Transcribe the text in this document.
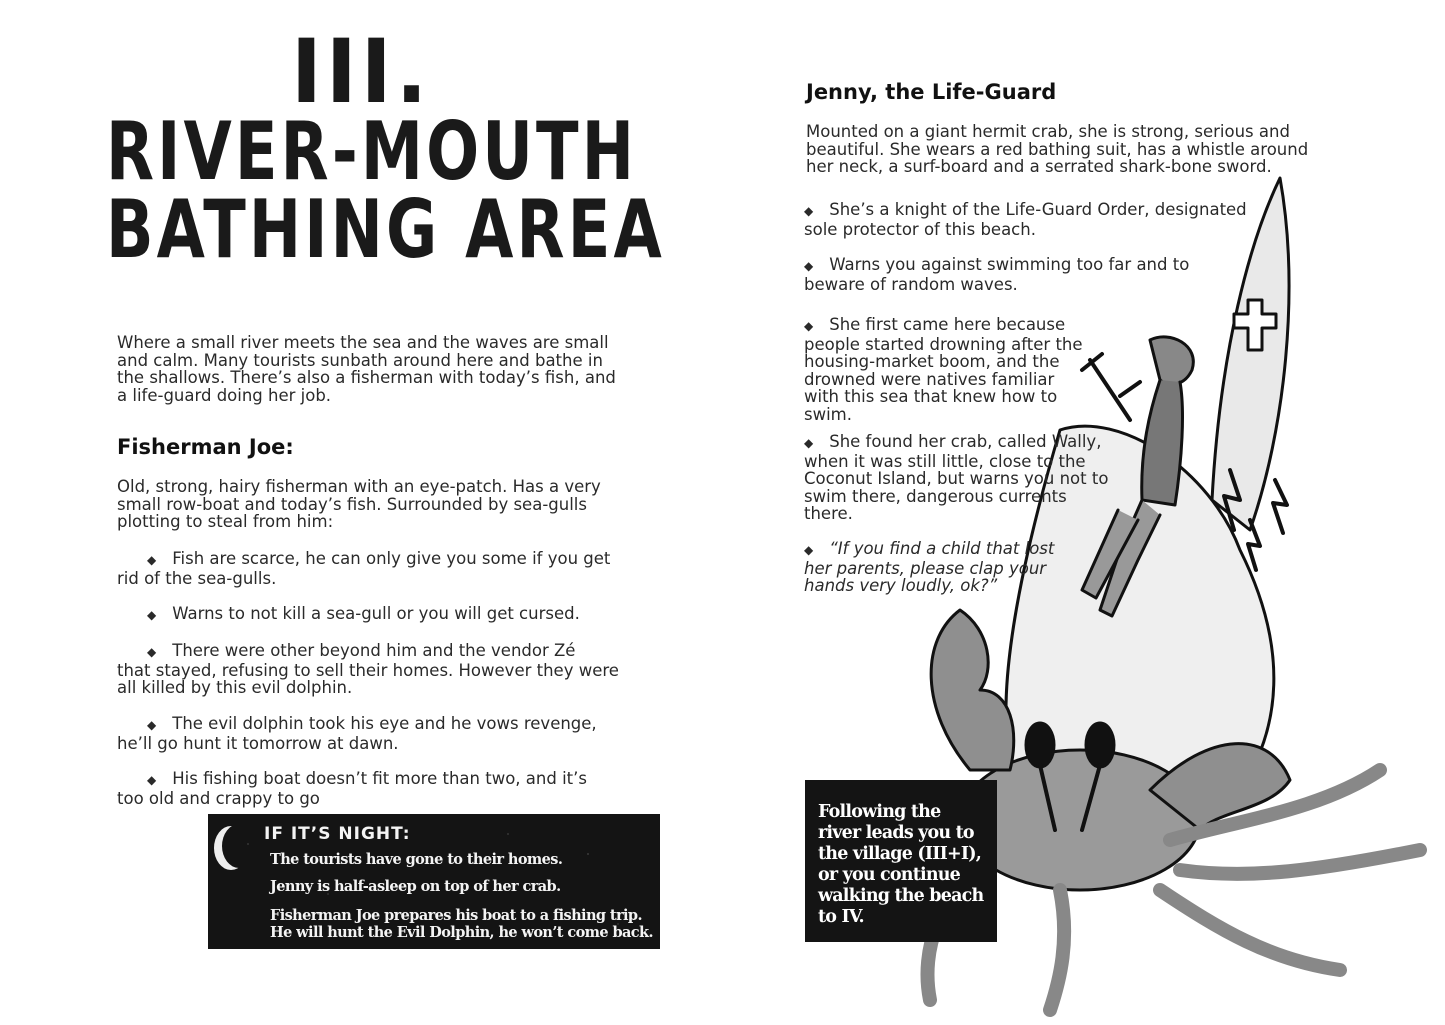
III.
RIVER-MOUTH
BATHING AREA
Where a small river meets the sea and the waves are small
and calm. Many tourists sunbath around here and bathe in
the shallows. There’s also a fisherman with today’s fish, and
a life-guard doing her job.
Fisherman Joe:
Old, strong, hairy fisherman with an eye-patch. Has a very
small row-boat and today’s fish. Surrounded by sea-gulls
plotting to steal from him:
◆ Fish are scarce, he can only give you some if you get
rid of the sea-gulls.
◆ Warns to not kill a sea-gull or you will get cursed.
◆ There were other beyond him and the vendor Zé
that stayed, refusing to sell their homes. However they were
all killed by this evil dolphin.
◆ The evil dolphin took his eye and he vows revenge,
he’ll go hunt it tomorrow at dawn.
◆ His fishing boat doesn’t fit more than two, and it’s
too old and crappy to go
IF IT’S NIGHT:
The tourists have gone to their homes.
Jenny is half-asleep on top of her crab.
Fisherman Joe prepares his boat to a fishing trip.
He will hunt the Evil Dolphin, he won’t come back.
Jenny, the Life-Guard
Mounted on a giant hermit crab, she is strong, serious and
beautiful. She wears a red bathing suit, has a whistle around
her neck, a surf-board and a serrated shark-bone sword.
◆ She’s a knight of the Life-Guard Order, designated
sole protector of this beach.
◆ Warns you against swimming too far and to
beware of random waves.
◆ She first came here because
people started drowning after the
housing-market boom, and the
drowned were natives familiar
with this sea that knew how to
swim.
◆ She found her crab, called Wally,
when it was still little, close to the
Coconut Island, but warns you not to
swim there, dangerous currents
there.
◆ “If you find a child that lost
her parents, please clap your
hands very loudly, ok?”
Following the
river leads you to
the village (III+I),
or you continue
walking the beach
to IV.
